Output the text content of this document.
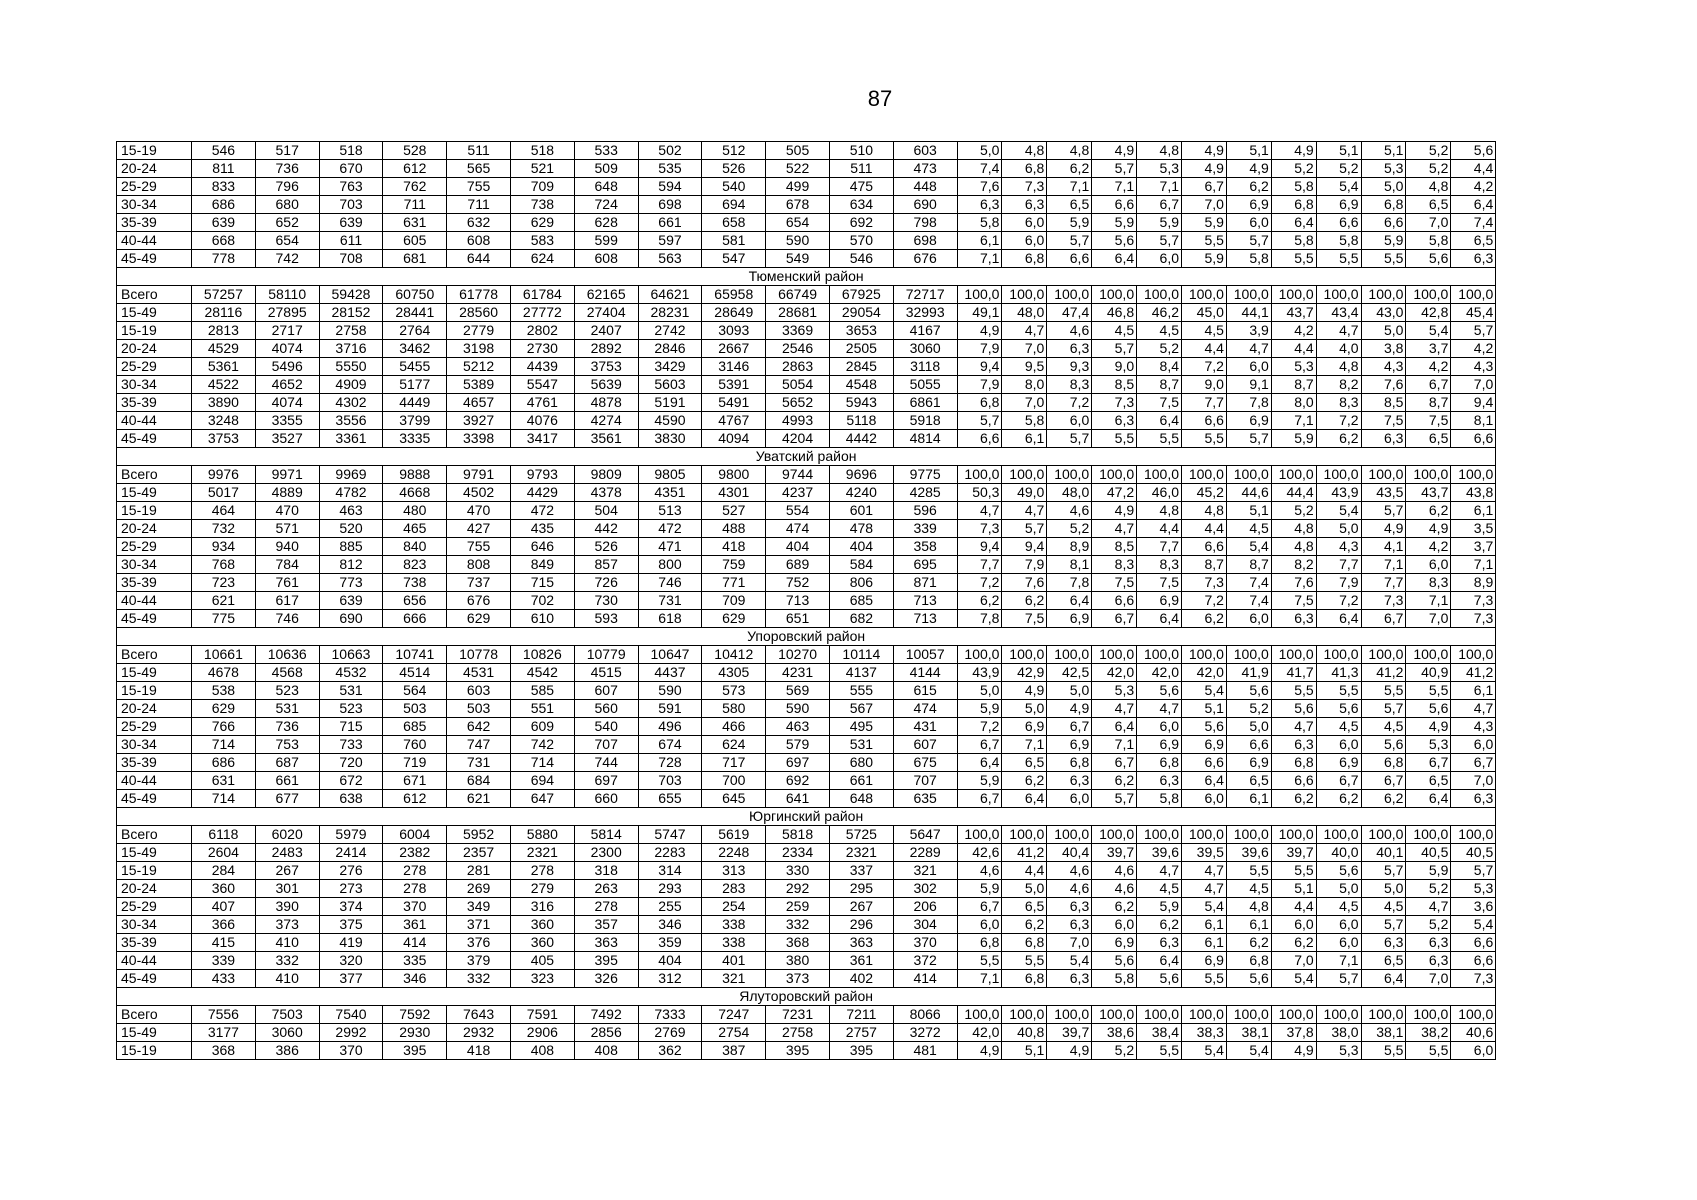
87
15-19	546	517	518	528	511	518	533	502	512	505	510	603	5,0	4,8	4,8	4,9	4,8	4,9	5,1	4,9	5,1	5,1	5,2	5,6
20-24	811	736	670	612	565	521	509	535	526	522	511	473	7,4	6,8	6,2	5,7	5,3	4,9	4,9	5,2	5,2	5,3	5,2	4,4
25-29	833	796	763	762	755	709	648	594	540	499	475	448	7,6	7,3	7,1	7,1	7,1	6,7	6,2	5,8	5,4	5,0	4,8	4,2
30-34	686	680	703	711	711	738	724	698	694	678	634	690	6,3	6,3	6,5	6,6	6,7	7,0	6,9	6,8	6,9	6,8	6,5	6,4
35-39	639	652	639	631	632	629	628	661	658	654	692	798	5,8	6,0	5,9	5,9	5,9	5,9	6,0	6,4	6,6	6,6	7,0	7,4
40-44	668	654	611	605	608	583	599	597	581	590	570	698	6,1	6,0	5,7	5,6	5,7	5,5	5,7	5,8	5,8	5,9	5,8	6,5
45-49	778	742	708	681	644	624	608	563	547	549	546	676	7,1	6,8	6,6	6,4	6,0	5,9	5,8	5,5	5,5	5,5	5,6	6,3
Тюменский район																								
Всего	57257	58110	59428	60750	61778	61784	62165	64621	65958	66749	67925	72717	100,0	100,0	100,0	100,0	100,0	100,0	100,0	100,0	100,0	100,0	100,0	100,0
15-49	28116	27895	28152	28441	28560	27772	27404	28231	28649	28681	29054	32993	49,1	48,0	47,4	46,8	46,2	45,0	44,1	43,7	43,4	43,0	42,8	45,4
15-19	2813	2717	2758	2764	2779	2802	2407	2742	3093	3369	3653	4167	4,9	4,7	4,6	4,5	4,5	4,5	3,9	4,2	4,7	5,0	5,4	5,7
20-24	4529	4074	3716	3462	3198	2730	2892	2846	2667	2546	2505	3060	7,9	7,0	6,3	5,7	5,2	4,4	4,7	4,4	4,0	3,8	3,7	4,2
25-29	5361	5496	5550	5455	5212	4439	3753	3429	3146	2863	2845	3118	9,4	9,5	9,3	9,0	8,4	7,2	6,0	5,3	4,8	4,3	4,2	4,3
30-34	4522	4652	4909	5177	5389	5547	5639	5603	5391	5054	4548	5055	7,9	8,0	8,3	8,5	8,7	9,0	9,1	8,7	8,2	7,6	6,7	7,0
35-39	3890	4074	4302	4449	4657	4761	4878	5191	5491	5652	5943	6861	6,8	7,0	7,2	7,3	7,5	7,7	7,8	8,0	8,3	8,5	8,7	9,4
40-44	3248	3355	3556	3799	3927	4076	4274	4590	4767	4993	5118	5918	5,7	5,8	6,0	6,3	6,4	6,6	6,9	7,1	7,2	7,5	7,5	8,1
45-49	3753	3527	3361	3335	3398	3417	3561	3830	4094	4204	4442	4814	6,6	6,1	5,7	5,5	5,5	5,5	5,7	5,9	6,2	6,3	6,5	6,6
Уватский район																								
Всего	9976	9971	9969	9888	9791	9793	9809	9805	9800	9744	9696	9775	100,0	100,0	100,0	100,0	100,0	100,0	100,0	100,0	100,0	100,0	100,0	100,0
15-49	5017	4889	4782	4668	4502	4429	4378	4351	4301	4237	4240	4285	50,3	49,0	48,0	47,2	46,0	45,2	44,6	44,4	43,9	43,5	43,7	43,8
15-19	464	470	463	480	470	472	504	513	527	554	601	596	4,7	4,7	4,6	4,9	4,8	4,8	5,1	5,2	5,4	5,7	6,2	6,1
20-24	732	571	520	465	427	435	442	472	488	474	478	339	7,3	5,7	5,2	4,7	4,4	4,4	4,5	4,8	5,0	4,9	4,9	3,5
25-29	934	940	885	840	755	646	526	471	418	404	404	358	9,4	9,4	8,9	8,5	7,7	6,6	5,4	4,8	4,3	4,1	4,2	3,7
30-34	768	784	812	823	808	849	857	800	759	689	584	695	7,7	7,9	8,1	8,3	8,3	8,7	8,7	8,2	7,7	7,1	6,0	7,1
35-39	723	761	773	738	737	715	726	746	771	752	806	871	7,2	7,6	7,8	7,5	7,5	7,3	7,4	7,6	7,9	7,7	8,3	8,9
40-44	621	617	639	656	676	702	730	731	709	713	685	713	6,2	6,2	6,4	6,6	6,9	7,2	7,4	7,5	7,2	7,3	7,1	7,3
45-49	775	746	690	666	629	610	593	618	629	651	682	713	7,8	7,5	6,9	6,7	6,4	6,2	6,0	6,3	6,4	6,7	7,0	7,3
Упоровский район																								
Всего	10661	10636	10663	10741	10778	10826	10779	10647	10412	10270	10114	10057	100,0	100,0	100,0	100,0	100,0	100,0	100,0	100,0	100,0	100,0	100,0	100,0
15-49	4678	4568	4532	4514	4531	4542	4515	4437	4305	4231	4137	4144	43,9	42,9	42,5	42,0	42,0	42,0	41,9	41,7	41,3	41,2	40,9	41,2
15-19	538	523	531	564	603	585	607	590	573	569	555	615	5,0	4,9	5,0	5,3	5,6	5,4	5,6	5,5	5,5	5,5	5,5	6,1
20-24	629	531	523	503	503	551	560	591	580	590	567	474	5,9	5,0	4,9	4,7	4,7	5,1	5,2	5,6	5,6	5,7	5,6	4,7
25-29	766	736	715	685	642	609	540	496	466	463	495	431	7,2	6,9	6,7	6,4	6,0	5,6	5,0	4,7	4,5	4,5	4,9	4,3
30-34	714	753	733	760	747	742	707	674	624	579	531	607	6,7	7,1	6,9	7,1	6,9	6,9	6,6	6,3	6,0	5,6	5,3	6,0
35-39	686	687	720	719	731	714	744	728	717	697	680	675	6,4	6,5	6,8	6,7	6,8	6,6	6,9	6,8	6,9	6,8	6,7	6,7
40-44	631	661	672	671	684	694	697	703	700	692	661	707	5,9	6,2	6,3	6,2	6,3	6,4	6,5	6,6	6,7	6,7	6,5	7,0
45-49	714	677	638	612	621	647	660	655	645	641	648	635	6,7	6,4	6,0	5,7	5,8	6,0	6,1	6,2	6,2	6,2	6,4	6,3
Юргинский район																								
Всего	6118	6020	5979	6004	5952	5880	5814	5747	5619	5818	5725	5647	100,0	100,0	100,0	100,0	100,0	100,0	100,0	100,0	100,0	100,0	100,0	100,0
15-49	2604	2483	2414	2382	2357	2321	2300	2283	2248	2334	2321	2289	42,6	41,2	40,4	39,7	39,6	39,5	39,6	39,7	40,0	40,1	40,5	40,5
15-19	284	267	276	278	281	278	318	314	313	330	337	321	4,6	4,4	4,6	4,6	4,7	4,7	5,5	5,5	5,6	5,7	5,9	5,7
20-24	360	301	273	278	269	279	263	293	283	292	295	302	5,9	5,0	4,6	4,6	4,5	4,7	4,5	5,1	5,0	5,0	5,2	5,3
25-29	407	390	374	370	349	316	278	255	254	259	267	206	6,7	6,5	6,3	6,2	5,9	5,4	4,8	4,4	4,5	4,5	4,7	3,6
30-34	366	373	375	361	371	360	357	346	338	332	296	304	6,0	6,2	6,3	6,0	6,2	6,1	6,1	6,0	6,0	5,7	5,2	5,4
35-39	415	410	419	414	376	360	363	359	338	368	363	370	6,8	6,8	7,0	6,9	6,3	6,1	6,2	6,2	6,0	6,3	6,3	6,6
40-44	339	332	320	335	379	405	395	404	401	380	361	372	5,5	5,5	5,4	5,6	6,4	6,9	6,8	7,0	7,1	6,5	6,3	6,6
45-49	433	410	377	346	332	323	326	312	321	373	402	414	7,1	6,8	6,3	5,8	5,6	5,5	5,6	5,4	5,7	6,4	7,0	7,3
Ялуторовский район																								
Всего	7556	7503	7540	7592	7643	7591	7492	7333	7247	7231	7211	8066	100,0	100,0	100,0	100,0	100,0	100,0	100,0	100,0	100,0	100,0	100,0	100,0
15-49	3177	3060	2992	2930	2932	2906	2856	2769	2754	2758	2757	3272	42,0	40,8	39,7	38,6	38,4	38,3	38,1	37,8	38,0	38,1	38,2	40,6
15-19	368	386	370	395	418	408	408	362	387	395	395	481	4,9	5,1	4,9	5,2	5,5	5,4	5,4	4,9	5,3	5,5	5,5	6,0
